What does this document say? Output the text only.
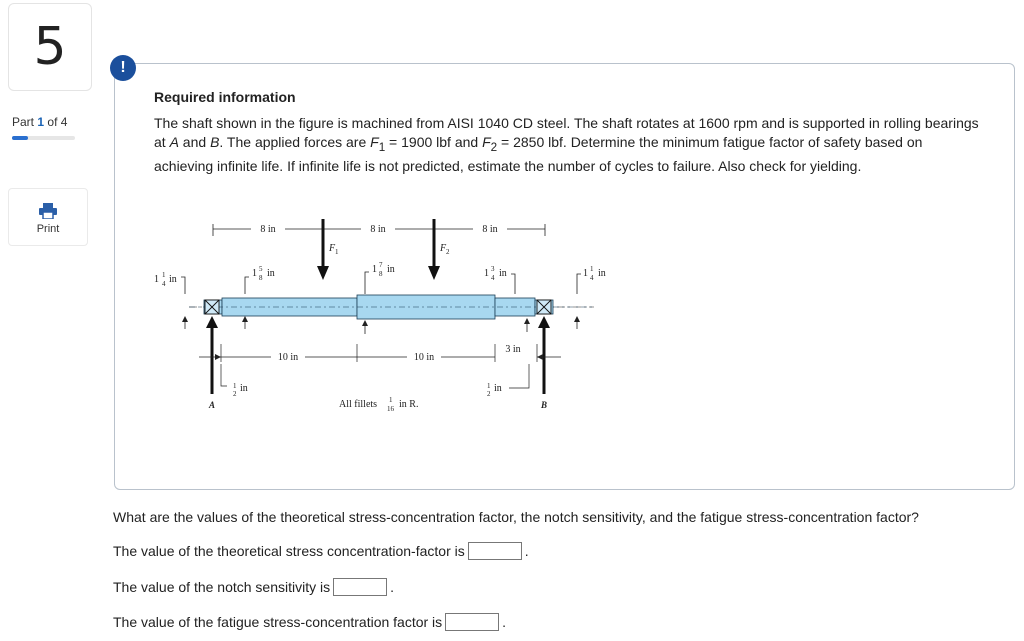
5
Part 1 of 4
Print
Required information
The shaft shown in the figure is machined from AISI 1040 CD steel. The shaft rotates at 1600 rpm and is supported in rolling bearings at A and B. The applied forces are $F_1 = 1900$ lbf and $F_2 = 2850$ lbf. Determine the minimum fatigue factor of safety based on achieving infinite life. If infinite life is not predicted, estimate the number of cycles to failure. Also check for yielding.
8 in	8 in	8 in
F 1	F 2
1 1
4 in
1 5
8 in	1 7
8 in	1 3
4 in	1 1
4 in
10 in	10 in
3 in
1
2 in	1
2 in
A	B
All fillets 1
16 in R.
!
What are the values of the theoretical stress-concentration factor, the notch sensitivity, and the fatigue stress-concentration factor?
The value of the theoretical stress concentration-factor is	.
The value of the notch sensitivity is	.
The value of the fatigue stress-concentration factor is	.
